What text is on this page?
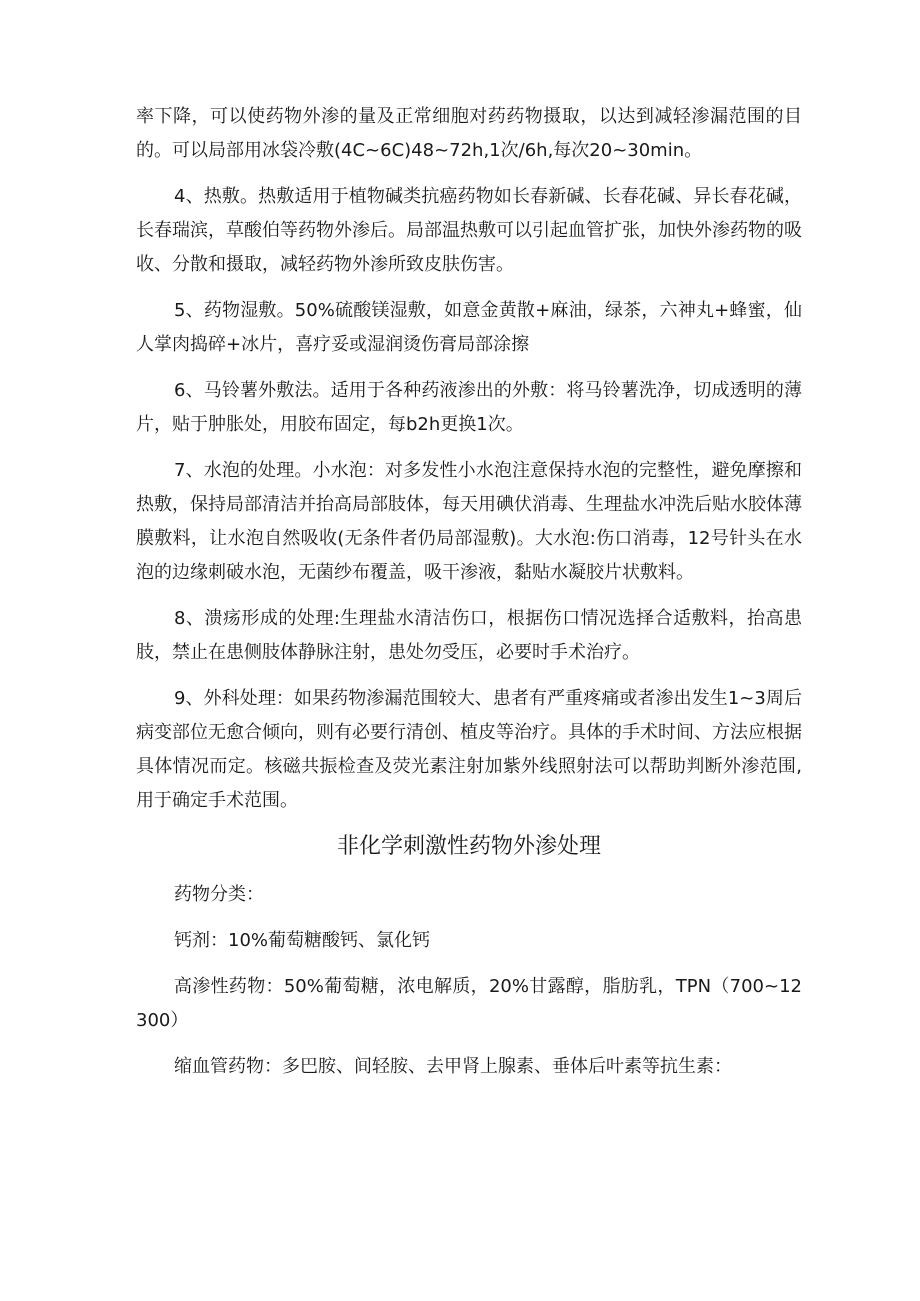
率下降，可以使药物外渗的量及正常细胞对药药物摄取，以达到减轻渗漏范围的目的。可以局部用冰袋冷敷(4C~6C)48~72h,1次/6h,每次20~30min。

4、热敷。热敷适用于植物碱类抗癌药物如长春新碱、长春花碱、异长春花碱，长春瑞滨，草酸伯等药物外渗后。局部温热敷可以引起血管扩张，加快外渗药物的吸收、分散和摄取，减轻药物外渗所致皮肤伤害。

5、药物湿敷。50%硫酸镁湿敷，如意金黄散+麻油，绿茶，六神丸+蜂蜜，仙人掌肉捣碎+冰片，喜疗妥或湿润烫伤膏局部涂擦

6、马铃薯外敷法。适用于各种药液渗出的外敷：将马铃薯洗净，切成透明的薄片，贴于肿胀处，用胶布固定，每b2h更换1次。

7、水泡的处理。小水泡：对多发性小水泡注意保持水泡的完整性，避免摩擦和热敷，保持局部清洁并抬高局部肢体，每天用碘伏消毒、生理盐水冲洗后贴水胶体薄膜敷料，让水泡自然吸收(无条件者仍局部湿敷)。大水泡:伤口消毒，12号针头在水泡的边缘刺破水泡，无菌纱布覆盖，吸干渗液，黏贴水凝胶片状敷料。

8、溃疡形成的处理:生理盐水清洁伤口，根据伤口情况选择合适敷料，抬高患肢，禁止在患侧肢体静脉注射，患处勿受压，必要时手术治疗。

9、外科处理：如果药物渗漏范围较大、患者有严重疼痛或者渗出发生1~3周后病变部位无愈合倾向，则有必要行清创、植皮等治疗。具体的手术时间、方法应根据具体情况而定。核磁共振检查及荧光素注射加紫外线照射法可以帮助判断外渗范围,用于确定手术范围。

非化学刺激性药物外渗处理

药物分类：

钙剂：10%葡萄糖酸钙、氯化钙

高渗性药物：50%葡萄糖，浓电解质，20%甘露醇，脂肪乳，TPN（700~12300）

缩血管药物：多巴胺、间轻胺、去甲肾上腺素、垂体后叶素等抗生素：
